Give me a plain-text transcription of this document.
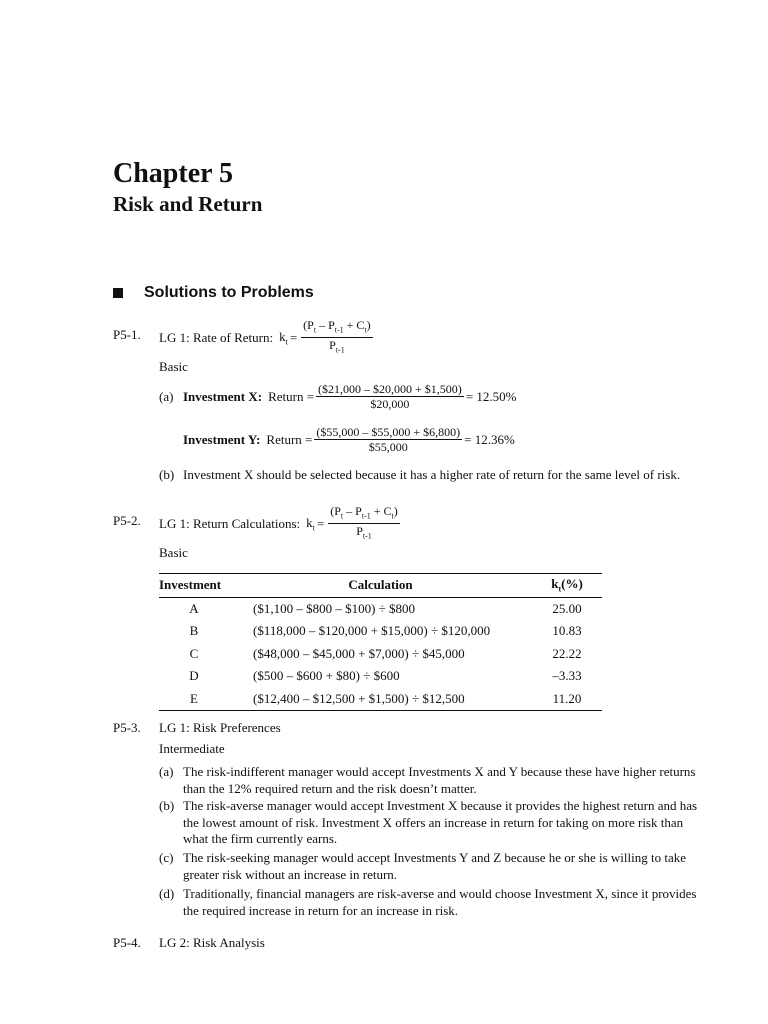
Chapter 5
Risk and Return
Solutions to Problems
P5-1. LG 1: Rate of Return: $k_t = \frac{(P_t - P_{t-1} + C_t)}{P_{t-1}}$
Basic
(a) Investment X: Return = $\frac{(\$21,000 - \$20,000 + \$1,500)}{\$20,000} = 12.50\%$
Investment Y: Return = $\frac{(\$55,000 - \$55,000 + \$6,800)}{\$55,000} = 12.36\%$
(b) Investment X should be selected because it has a higher rate of return for the same level of risk.
P5-2. LG 1: Return Calculations: $k_t = \frac{(P_t - P_{t-1} + C_t)}{P_{t-1}}$
Basic
Investment	Calculation	$k_t(\%)$
A	($1,100 – $800 – $100) ÷ $800	25.00
B	($118,000 – $120,000 + $15,000) ÷ $120,000	10.83
C	($48,000 – $45,000 + $7,000) ÷ $45,000	22.22
D	($500 – $600 + $80) ÷ $600	–3.33
E	($12,400 – $12,500 + $1,500) ÷ $12,500	11.20
P5-3. LG 1: Risk Preferences
Intermediate
(a) The risk-indifferent manager would accept Investments X and Y because these have higher returns than the 12% required return and the risk doesn’t matter.
(b) The risk-averse manager would accept Investment X because it provides the highest return and has the lowest amount of risk. Investment X offers an increase in return for taking on more risk than what the firm currently earns.
(c) The risk-seeking manager would accept Investments Y and Z because he or she is willing to take greater risk without an increase in return.
(d) Traditionally, financial managers are risk-averse and would choose Investment X, since it provides the required increase in return for an increase in risk.
P5-4. LG 2: Risk Analysis
